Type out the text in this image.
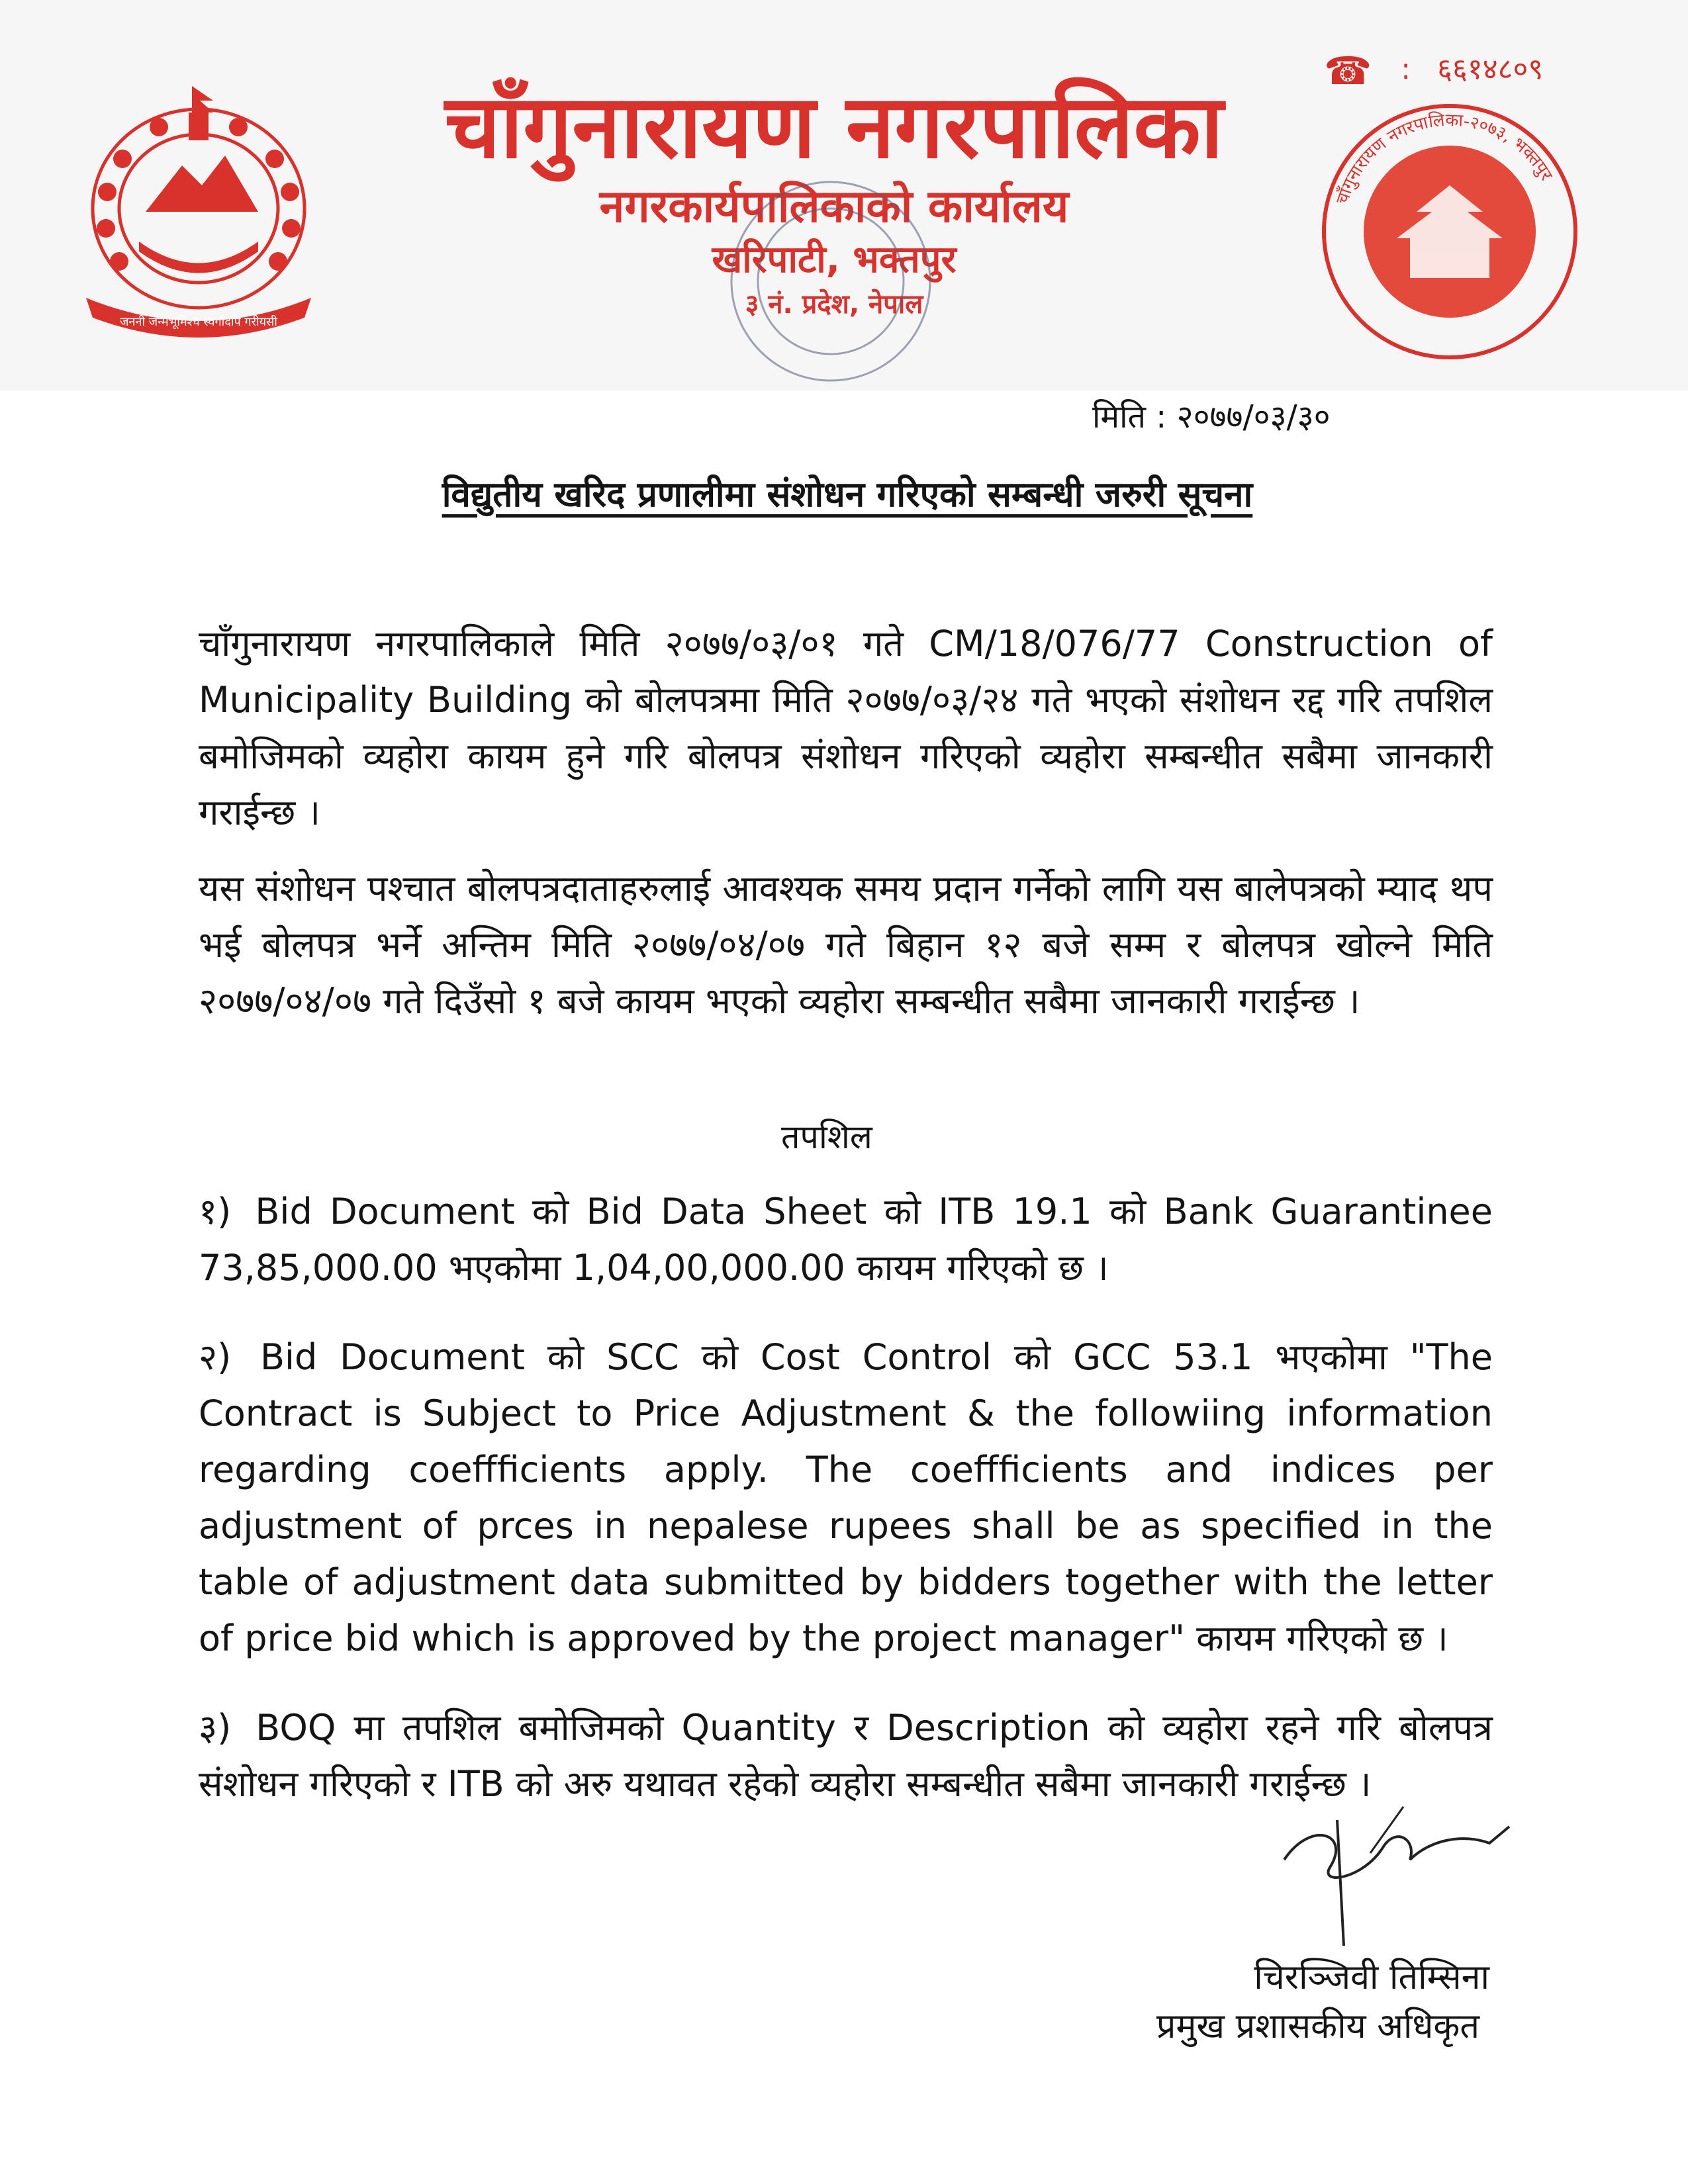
जननी जन्मभूमिश्च स्वर्गादपि गरीयसी
चाँगुनारायण नगरपालिका
नगरकार्यपालिकाको कार्यालय
खरिपाटी, भक्तपुर
३ नं. प्रदेश, नेपाल
☎ : ६६१४८०९
चाँगुनारायण नगरपालिका-२०७३, भक्तपुर
मिति : २०७७/०३/३०
विद्युतीय खरिद प्रणालीमा संशोधन गरिएको सम्बन्धी जरुरी सूचना

चाँगुनारायण नगरपालिकाले मिति २०७७/०३/०१ गते CM/18/076/77 Construction of Municipality Building को बोलपत्रमा मिति २०७७/०३/२४ गते भएको संशोधन रद्द गरि तपशिल बमोजिमको व्यहोरा कायम हुने गरि बोलपत्र संशोधन गरिएको व्यहोरा सम्बन्धीत सबैमा जानकारी गराईन्छ ।

यस संशोधन पश्चात बोलपत्रदाताहरुलाई आवश्यक समय प्रदान गर्नेको लागि यस बालेपत्रको म्याद थप भई बोलपत्र भर्ने अन्तिम मिति २०७७/०४/०७ गते बिहान १२ बजे सम्म र बोलपत्र खोल्ने मिति २०७७/०४/०७ गते दिउँसो १ बजे कायम भएको व्यहोरा सम्बन्धीत सबैमा जानकारी गराईन्छ ।

तपशिल

१) Bid Document को Bid Data Sheet को ITB 19.1 को Bank Guarantinee 73,85,000.00 भएकोमा 1,04,00,000.00 कायम गरिएको छ ।

२) Bid Document को SCC को Cost Control को GCC 53.1 भएकोमा "The Contract is Subject to Price Adjustment & the followiing information regarding coeffficients apply. The coeffficients and indices per adjustment of prces in nepalese rupees shall be as specified in the table of adjustment data submitted by bidders together with the letter of price bid which is approved by the project manager" कायम गरिएको छ ।

३) BOQ मा तपशिल बमोजिमको Quantity र Description को व्यहोरा रहने गरि बोलपत्र संशोधन गरिएको र ITB को अरु यथावत रहेको व्यहोरा सम्बन्धीत सबैमा जानकारी गराईन्छ ।

चिरञ्जिवी तिम्सिना
प्रमुख प्रशासकीय अधिकृत
